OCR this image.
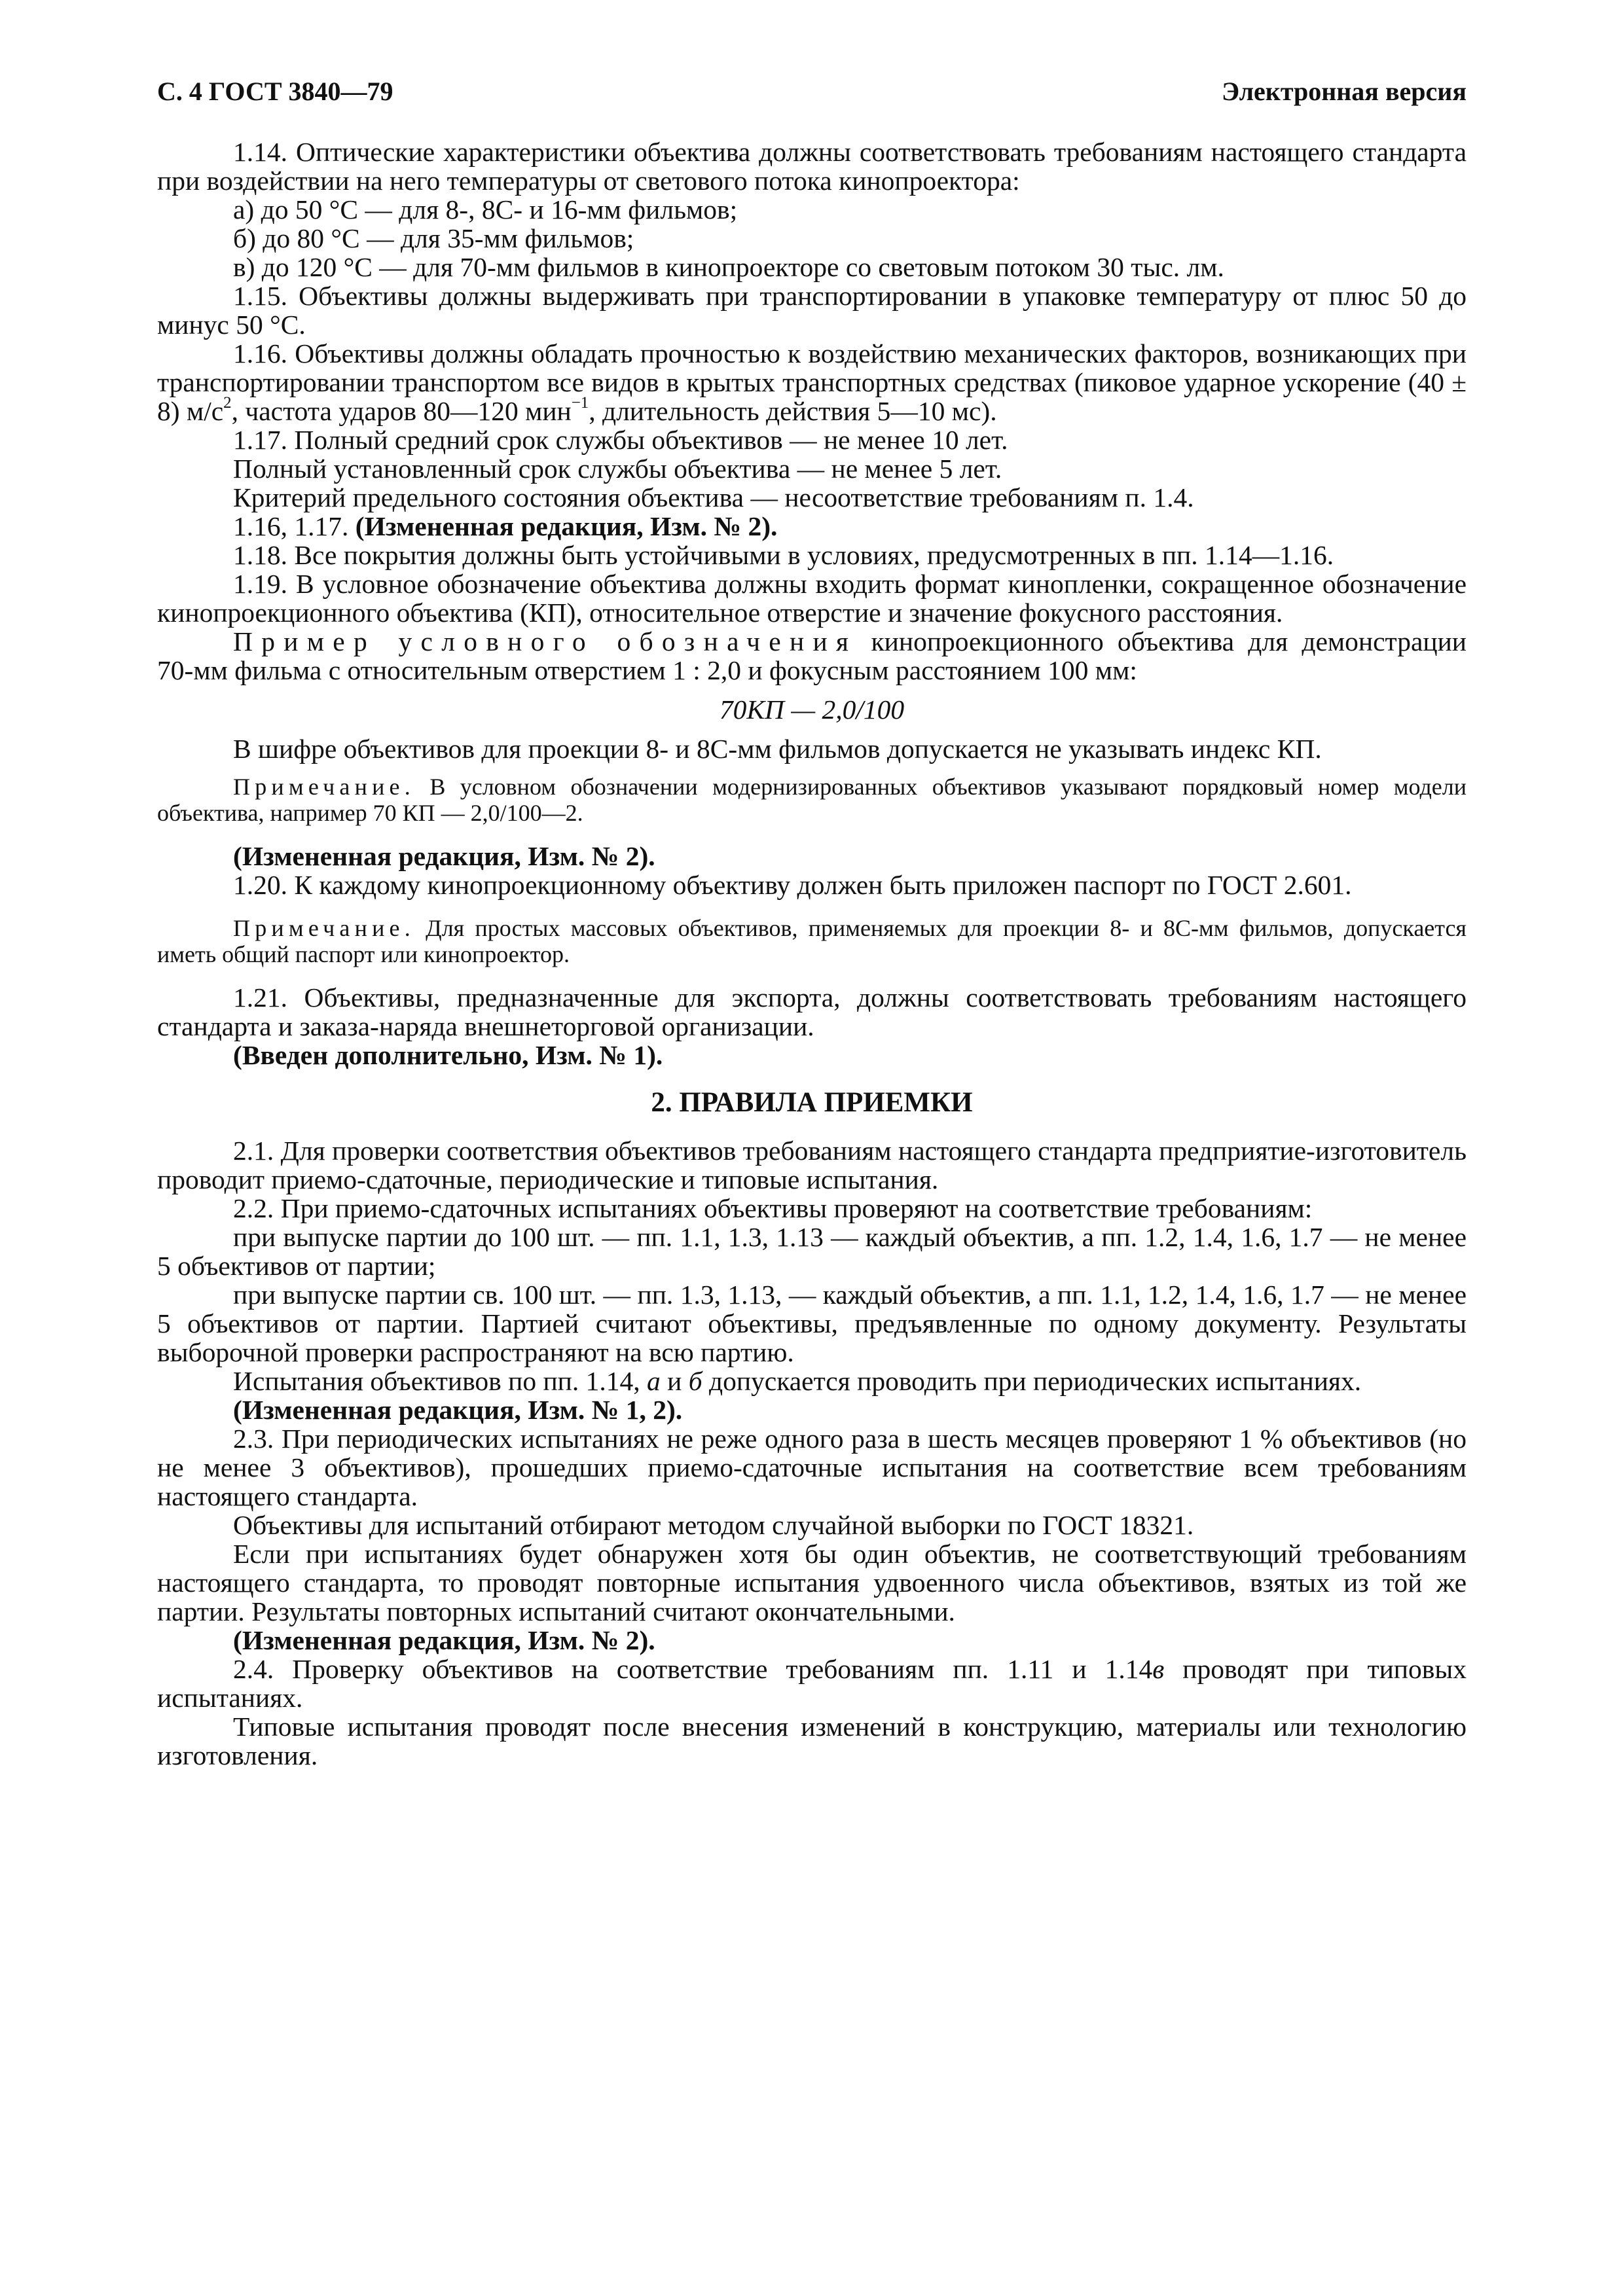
С. 4 ГОСТ 3840—79	Электронная версия

1.14. Оптические характеристики объектива должны соответствовать требованиям настоящего стандарта при воздействии на него температуры от светового потока кинопроектора:

а) до 50 °С — для 8-, 8С- и 16-мм фильмов;

б) до 80 °С — для 35-мм фильмов;

в) до 120 °С — для 70-мм фильмов в кинопроекторе со световым потоком 30 тыс. лм.

1.15. Объективы должны выдерживать при транспортировании в упаковке температуру от плюс 50 до минус 50 °С.

1.16. Объективы должны обладать прочностью к воздействию механических факторов, возникающих при транспортировании транспортом все видов в крытых транспортных средствах (пиковое ударное ускорение (40 ± 8) $м/с^2$, частота ударов 80—120 мин$^{-1}$, длительность действия 5—10 мс).

1.17. Полный средний срок службы объективов — не менее 10 лет.

Полный установленный срок службы объектива — не менее 5 лет.

Критерий предельного состояния объектива — несоответствие требованиям п. 1.4.

1.16, 1.17. (Измененная редакция, Изм. № 2).

1.18. Все покрытия должны быть устойчивыми в условиях, предусмотренных в пп. 1.14—1.16.

1.19. В условное обозначение объектива должны входить формат кинопленки, сокращенное обозначение кинопроекционного объектива (КП), относительное отверстие и значение фокусного расстояния.

Пример условного обозначения кинопроекционного объектива для демонстрации 70-мм фильма с относительным отверстием 1 : 2,0 и фокусным расстоянием 100 мм:

70КП — 2,0/100

В шифре объективов для проекции 8- и 8С-мм фильмов допускается не указывать индекс КП.

Примечание. В условном обозначении модернизированных объективов указывают порядковый номер модели объектива, например 70 КП — 2,0/100—2.

(Измененная редакция, Изм. № 2).

1.20. К каждому кинопроекционному объективу должен быть приложен паспорт по ГОСТ 2.601.

Примечание. Для простых массовых объективов, применяемых для проекции 8- и 8С-мм фильмов, допускается иметь общий паспорт или кинопроектор.

1.21. Объективы, предназначенные для экспорта, должны соответствовать требованиям настоящего стандарта и заказа-наряда внешнеторговой организации.

(Введен дополнительно, Изм. № 1).

2. ПРАВИЛА ПРИЕМКИ

2.1. Для проверки соответствия объективов требованиям настоящего стандарта предприятие-изготовитель проводит приемо-сдаточные, периодические и типовые испытания.

2.2. При приемо-сдаточных испытаниях объективы проверяют на соответствие требованиям:

при выпуске партии до 100 шт. — пп. 1.1, 1.3, 1.13 — каждый объектив, а пп. 1.2, 1.4, 1.6, 1.7 — не менее 5 объективов от партии;

при выпуске партии св. 100 шт. — пп. 1.3, 1.13, — каждый объектив, а пп. 1.1, 1.2, 1.4, 1.6, 1.7 — не менее 5 объективов от партии. Партией считают объективы, предъявленные по одному документу. Результаты выборочной проверки распространяют на всю партию.

Испытания объективов по пп. 1.14, а и б допускается проводить при периодических испытаниях.

(Измененная редакция, Изм. № 1, 2).

2.3. При периодических испытаниях не реже одного раза в шесть месяцев проверяют 1 % объективов (но не менее 3 объективов), прошедших приемо-сдаточные испытания на соответствие всем требованиям настоящего стандарта.

Объективы для испытаний отбирают методом случайной выборки по ГОСТ 18321.

Если при испытаниях будет обнаружен хотя бы один объектив, не соответствующий требованиям настоящего стандарта, то проводят повторные испытания удвоенного числа объективов, взятых из той же партии. Результаты повторных испытаний считают окончательными.

(Измененная редакция, Изм. № 2).

2.4. Проверку объективов на соответствие требованиям пп. 1.11 и 1.14в проводят при типовых испытаниях.

Типовые испытания проводят после внесения изменений в конструкцию, материалы или технологию изготовления.
